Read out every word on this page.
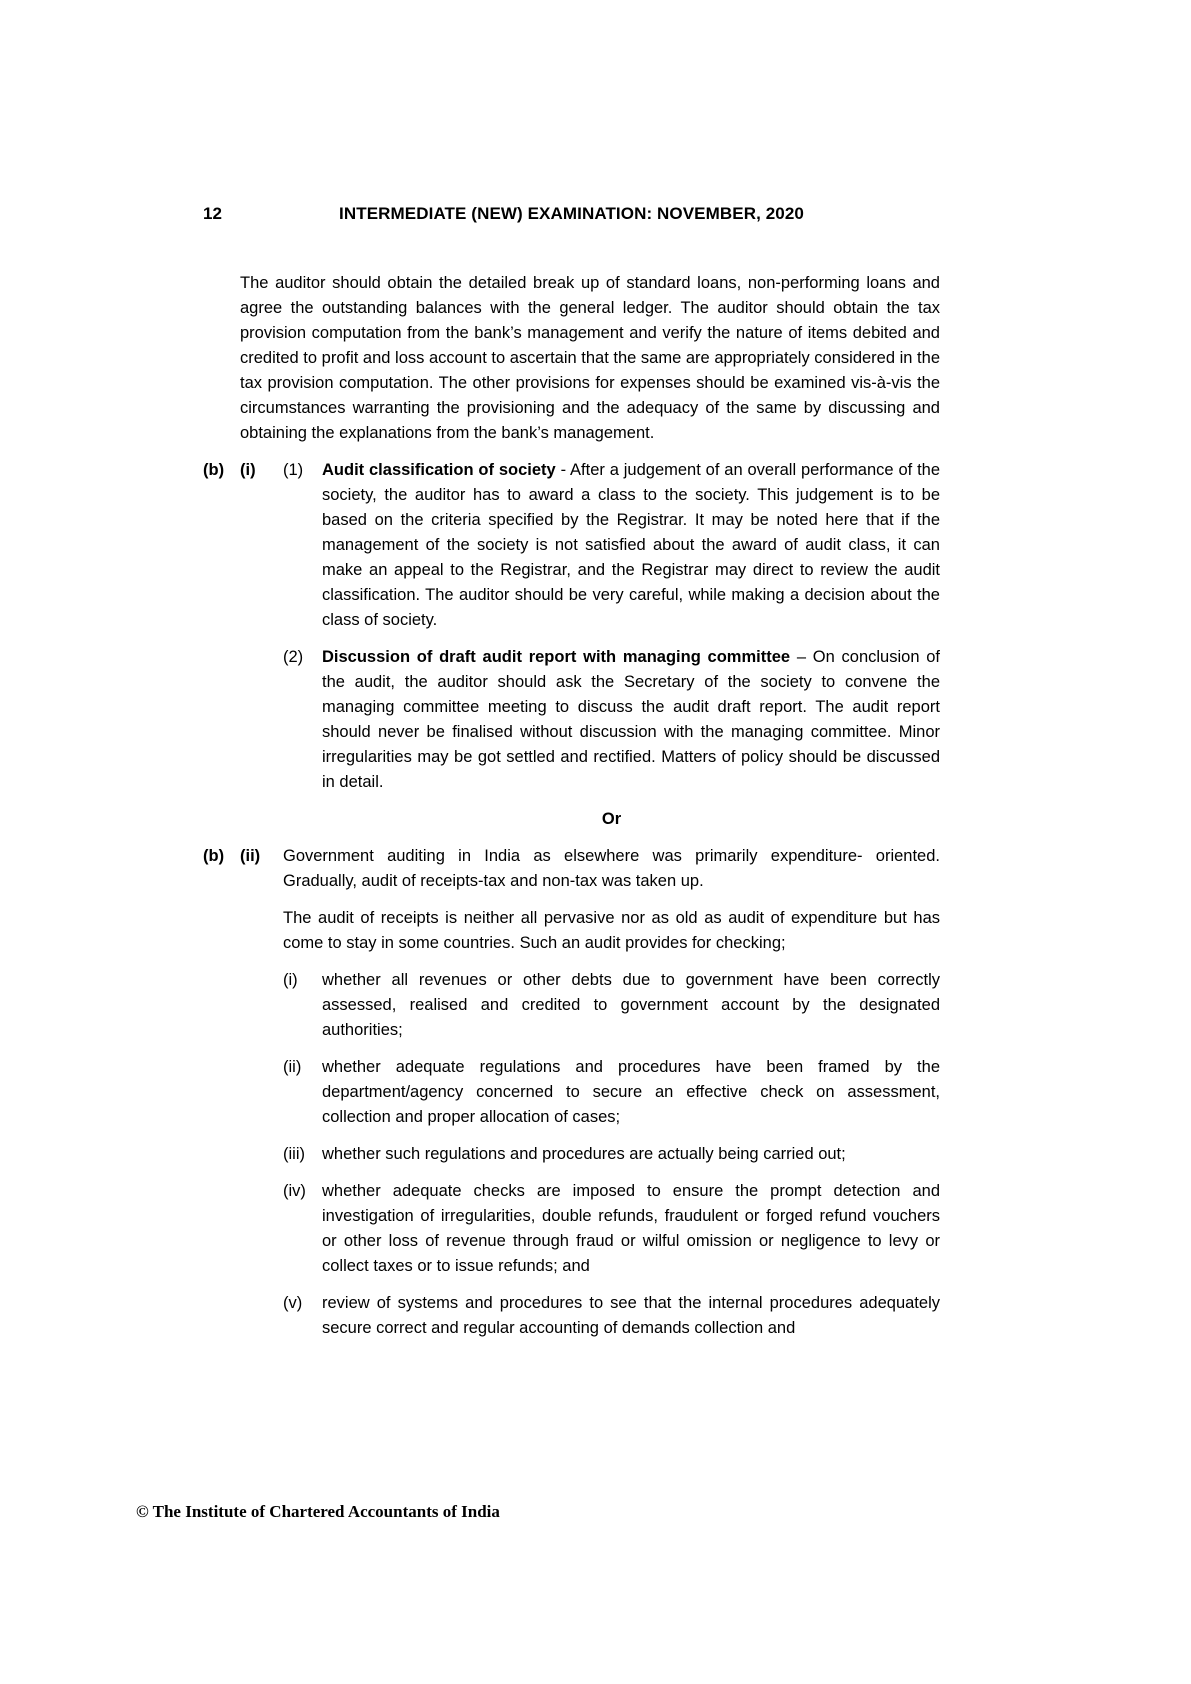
12	INTERMEDIATE (NEW) EXAMINATION: NOVEMBER, 2020
The auditor should obtain the detailed break up of standard loans, non-performing loans and agree the outstanding balances with the general ledger. The auditor should obtain the tax provision computation from the bank’s management and verify the nature of items debited and credited to profit and loss account to ascertain that the same are appropriately considered in the tax provision computation. The other provisions for expenses should be examined vis-à-vis the circumstances warranting the provisioning and the adequacy of the same by discussing and obtaining the explanations from the bank’s management.
(b) (i)	(1)	Audit classification of society - After a judgement of an overall performance of the society, the auditor has to award a class to the society. This judgement is to be based on the criteria specified by the Registrar. It may be noted here that if the management of the society is not satisfied about the award of audit class, it can make an appeal to the Registrar, and the Registrar may direct to review the audit classification. The auditor should be very careful, while making a decision about the class of society.
(2)	Discussion of draft audit report with managing committee – On conclusion of the audit, the auditor should ask the Secretary of the society to convene the managing committee meeting to discuss the audit draft report. The audit report should never be finalised without discussion with the managing committee. Minor irregularities may be got settled and rectified. Matters of policy should be discussed in detail.
Or
(b) (ii)	Government auditing in India as elsewhere was primarily expenditure- oriented. Gradually, audit of receipts-tax and non-tax was taken up.
The audit of receipts is neither all pervasive nor as old as audit of expenditure but has come to stay in some countries. Such an audit provides for checking;
(i)	whether all revenues or other debts due to government have been correctly assessed, realised and credited to government account by the designated authorities;
(ii)	whether adequate regulations and procedures have been framed by the department/agency concerned to secure an effective check on assessment, collection and proper allocation of cases;
(iii)	whether such regulations and procedures are actually being carried out;
(iv) whether adequate checks are imposed to ensure the prompt detection and investigation of irregularities, double refunds, fraudulent or forged refund vouchers or other loss of revenue through fraud or wilful omission or negligence to levy or collect taxes or to issue refunds; and
(v)	review of systems and procedures to see that the internal procedures adequately secure correct and regular accounting of demands collection and
© The Institute of Chartered Accountants of India
